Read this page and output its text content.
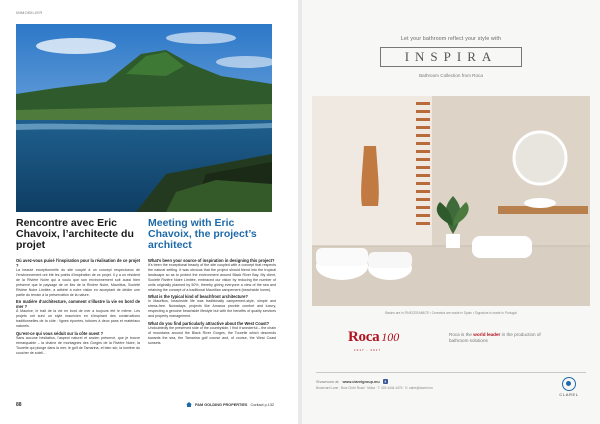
IMMOBILIER
Rencontre avec Eric Chavoix, l’architecte du projet
Meeting with Eric Chavoix, the project’s architect
Où avez-vous puisé l’inspiration pour la réalisation de ce projet ?
La beauté exceptionnelle du site couplé à un concept respectueux de l’environnement ont été les points d’inspiration de ce projet. Il y a un résident de la Rivière Noire qui a voulu que son environnement soit aussi bien préservé que le paysage de ce lieu de la Rivière Noire, Mauritius, Société Rivière Noire Limitée, a adhéré à notre vision en acceptant de dédier une partie du terrain à la préservation de la nature.
En matière d’architecture, comment s’illustre la vie en bord de mer ?
À Maurice, le trait de la vie en bord de mer a toujours été le même. Les projets ont suivi un style mauricien en s’inspirant des constructions traditionnelles de la côte : lignes épurées, toitures à deux pans et matériaux naturels.
Qu’est-ce qui vous séduit sur la côte ouest ?
Sans aucune hésitation, l’aspect naturel et ancien préservé, que je trouve remarquable – la chaîne de montagnes des Gorges de la Rivière Noire, la Tourelle qui plonge dans la mer, le golf de Tamarina, et bien sûr, la lumière du coucher de soleil…
What’s been your source of inspiration in designing this project?
It’s been the exceptional beauty of the site coupled with a concept that respects the natural setting. It was obvious that the project should blend into the tropical landscape so as to protect the environment around Black River Bay. My client, Société Rivière Noire Limitée, embraced our vision by reducing the number of units originally planned by 50%, thereby giving everyone a view of the sea and retaining the concept of a traditional Mauritian campement (beachside home).
What is the typical kind of beachfront architecture?
In Mauritius, beachside life was traditionally campement-style, simple and stress-free. Nowadays, projects like Amaroa provide comfort and luxury, respecting a genuine beachside lifestyle but with the benefits of quality services and property management.
What do you find particularly attractive about the West Coast?
Undoubtedly the preserved side of the countryside, I find it wonderful – the chain of mountains around the Black River Gorges, the Tourelle which descends towards the sea, the Tamarina golf course and, of course, the West Coast sunsets.
88	PAM GOLDING PROPERTIES Contact p.132
Let your bathroom reflect your style with
INSPIRA
Bathroom Collection from Roca
Basins are in FINECERAMIC® • Ceramics are made in Spain • Signature is made in Portugal
Roca 100
1917 - 2017
Roca is the world leader in the production of bathroom solutions
Showroom at: www.clarelgroup.mu	f
Boulevard Lane · Bois Chéri Road · Moka · T: 403 4444 4476 · E: sales@clarel.mu
CLAREL
